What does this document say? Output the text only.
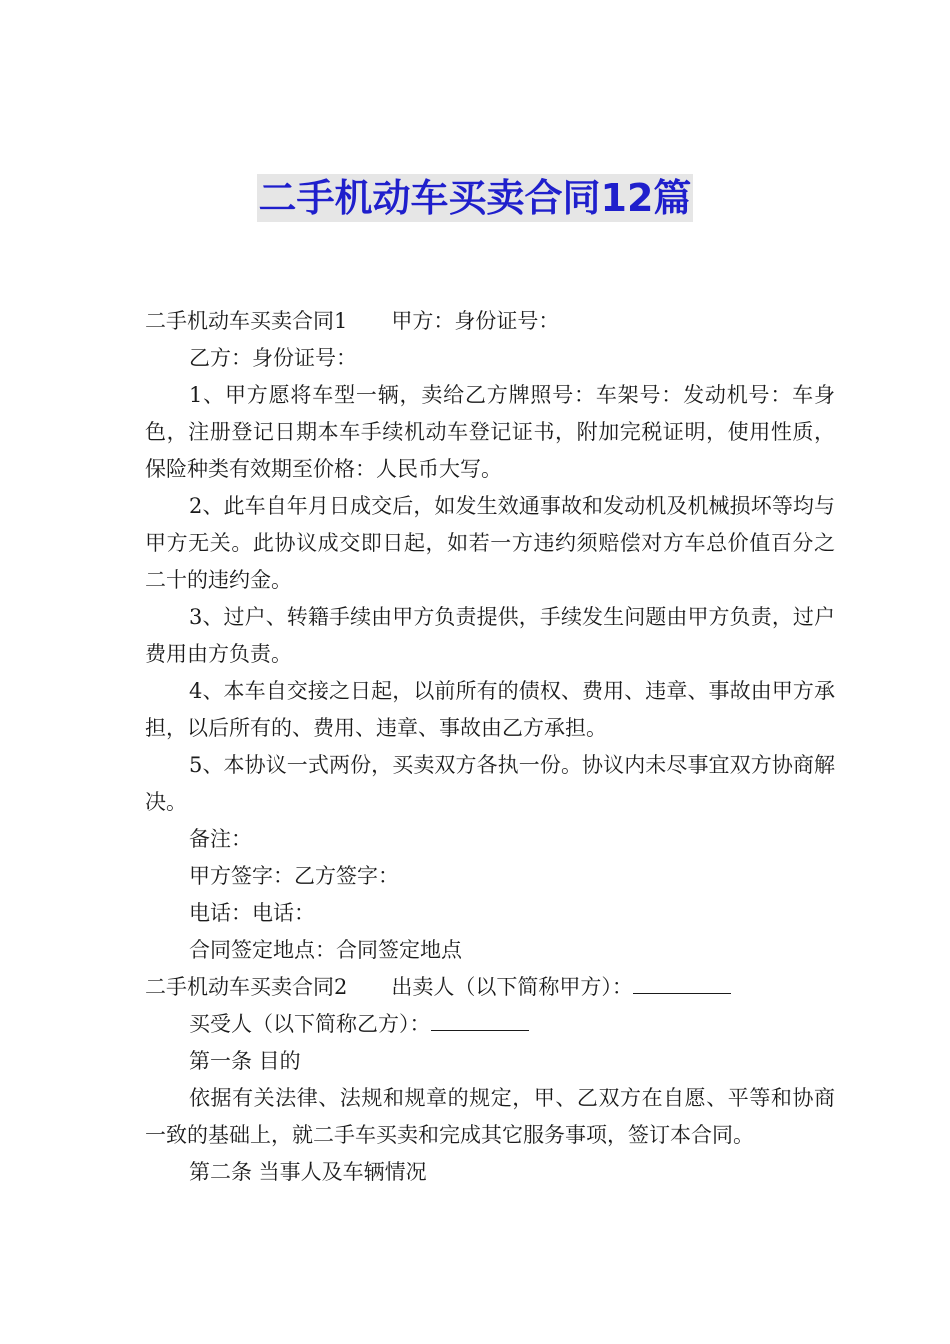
二手机动车买卖合同12篇

二手机动车买卖合同1 甲方：身份证号：

乙方：身份证号：

1、甲方愿将车型一辆，卖给乙方牌照号：车架号：发动机号：车身色，注册登记日期本车手续机动车登记证书，附加完税证明，使用性质，保险种类有效期至价格：人民币大写。

2、此车自年月日成交后，如发生效通事故和发动机及机械损坏等均与甲方无关。此协议成交即日起，如若一方违约须赔偿对方车总价值百分之二十的违约金。

3、过户、转籍手续由甲方负责提供，手续发生问题由甲方负责，过户费用由方负责。

4、本车自交接之日起，以前所有的债权、费用、违章、事故由甲方承担，以后所有的、费用、违章、事故由乙方承担。

5、本协议一式两份，买卖双方各执一份。协议内未尽事宜双方协商解决。

备注：

甲方签字：乙方签字：

电话：电话：

合同签定地点：合同签定地点

二手机动车买卖合同2 出卖人（以下简称甲方）：

买受人（以下简称乙方）：

第一条 目的

依据有关法律、法规和规章的规定，甲、乙双方在自愿、平等和协商一致的基础上，就二手车买卖和完成其它服务事项，签订本合同。

第二条 当事人及车辆情况
